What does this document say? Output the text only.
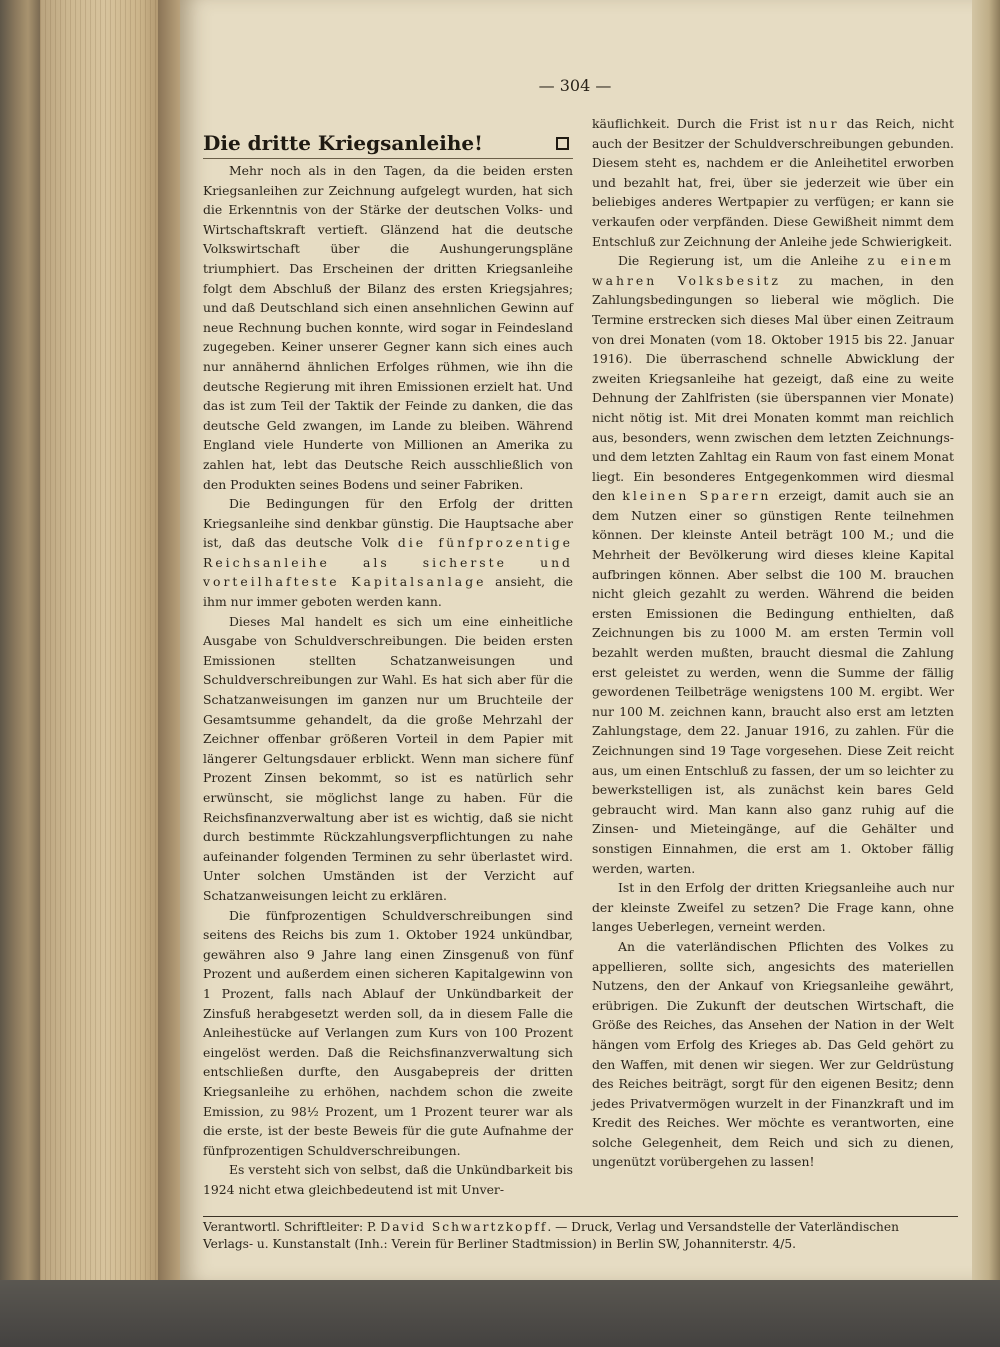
— 304 —
Die dritte Kriegsanleihe!

Mehr noch als in den Tagen, da die beiden ersten Kriegsanleihen zur Zeichnung aufgelegt wurden, hat sich die Erkenntnis von der Stärke der deutschen Volks- und Wirtschaftskraft vertieft. Glänzend hat die deutsche Volkswirtschaft über die Aushungerungspläne triumphiert. Das Erscheinen der dritten Kriegsanleihe folgt dem Abschluß der Bilanz des ersten Kriegsjahres; und daß Deutschland sich einen ansehnlichen Gewinn auf neue Rechnung buchen konnte, wird sogar in Feindesland zugegeben. Keiner unserer Gegner kann sich eines auch nur annähernd ähnlichen Erfolges rühmen, wie ihn die deutsche Regierung mit ihren Emissionen erzielt hat. Und das ist zum Teil der Taktik der Feinde zu danken, die das deutsche Geld zwangen, im Lande zu bleiben. Während England viele Hunderte von Millionen an Amerika zu zahlen hat, lebt das Deutsche Reich ausschließlich von den Produkten seines Bodens und seiner Fabriken.

Die Bedingungen für den Erfolg der dritten Kriegsanleihe sind denkbar günstig. Die Hauptsache aber ist, daß das deutsche Volk die fünfprozentige Reichsanleihe als sicherste und vorteilhafteste Kapitalsanlage ansieht, die ihm nur immer geboten werden kann.

Dieses Mal handelt es sich um eine einheitliche Ausgabe von Schuldverschreibungen. Die beiden ersten Emissionen stellten Schatzanweisungen und Schuldverschreibungen zur Wahl. Es hat sich aber für die Schatzanweisungen im ganzen nur um Bruchteile der Gesamtsumme gehandelt, da die große Mehrzahl der Zeichner offenbar größeren Vorteil in dem Papier mit längerer Geltungsdauer erblickt. Wenn man sichere fünf Prozent Zinsen bekommt, so ist es natürlich sehr erwünscht, sie möglichst lange zu haben. Für die Reichsfinanzverwaltung aber ist es wichtig, daß sie nicht durch bestimmte Rückzahlungsverpflichtungen zu nahe aufeinander folgenden Terminen zu sehr überlastet wird. Unter solchen Umständen ist der Verzicht auf Schatzanweisungen leicht zu erklären.

Die fünfprozentigen Schuldverschreibungen sind seitens des Reichs bis zum 1. Oktober 1924 unkündbar, gewähren also 9 Jahre lang einen Zinsgenuß von fünf Prozent und außerdem einen sicheren Kapitalgewinn von 1 Prozent, falls nach Ablauf der Unkündbarkeit der Zinsfuß herabgesetzt werden soll, da in diesem Falle die Anleihestücke auf Verlangen zum Kurs von 100 Prozent eingelöst werden. Daß die Reichsfinanzverwaltung sich entschließen durfte, den Ausgabepreis der dritten Kriegsanleihe zu erhöhen, nachdem schon die zweite Emission, zu 98½ Prozent, um 1 Prozent teurer war als die erste, ist der beste Beweis für die gute Aufnahme der fünfprozentigen Schuldverschreibungen.

Es versteht sich von selbst, daß die Unkündbarkeit bis 1924 nicht etwa gleichbedeutend ist mit Unver-

käuflichkeit. Durch die Frist ist nur das Reich, nicht auch der Besitzer der Schuldverschreibungen gebunden. Diesem steht es, nachdem er die Anleihetitel erworben und bezahlt hat, frei, über sie jederzeit wie über ein beliebiges anderes Wertpapier zu verfügen; er kann sie verkaufen oder verpfänden. Diese Gewißheit nimmt dem Entschluß zur Zeichnung der Anleihe jede Schwierigkeit.

Die Regierung ist, um die Anleihe zu einem wahren Volksbesitz zu machen, in den Zahlungsbedingungen so lieberal wie möglich. Die Termine erstrecken sich dieses Mal über einen Zeitraum von drei Monaten (vom 18. Oktober 1915 bis 22. Januar 1916). Die überraschend schnelle Abwicklung der zweiten Kriegsanleihe hat gezeigt, daß eine zu weite Dehnung der Zahlfristen (sie überspannen vier Monate) nicht nötig ist. Mit drei Monaten kommt man reichlich aus, besonders, wenn zwischen dem letzten Zeichnungs- und dem letzten Zahltag ein Raum von fast einem Monat liegt. Ein besonderes Entgegenkommen wird diesmal den kleinen Sparern erzeigt, damit auch sie an dem Nutzen einer so günstigen Rente teilnehmen können. Der kleinste Anteil beträgt 100 M.; und die Mehrheit der Bevölkerung wird dieses kleine Kapital aufbringen können. Aber selbst die 100 M. brauchen nicht gleich gezahlt zu werden. Während die beiden ersten Emissionen die Bedingung enthielten, daß Zeichnungen bis zu 1000 M. am ersten Termin voll bezahlt werden mußten, braucht diesmal die Zahlung erst geleistet zu werden, wenn die Summe der fällig gewordenen Teilbeträge wenigstens 100 M. ergibt. Wer nur 100 M. zeichnen kann, braucht also erst am letzten Zahlungstage, dem 22. Januar 1916, zu zahlen. Für die Zeichnungen sind 19 Tage vorgesehen. Diese Zeit reicht aus, um einen Entschluß zu fassen, der um so leichter zu bewerkstelligen ist, als zunächst kein bares Geld gebraucht wird. Man kann also ganz ruhig auf die Zinsen- und Mieteingänge, auf die Gehälter und sonstigen Einnahmen, die erst am 1. Oktober fällig werden, warten.

Ist in den Erfolg der dritten Kriegsanleihe auch nur der kleinste Zweifel zu setzen? Die Frage kann, ohne langes Ueberlegen, verneint werden.

An die vaterländischen Pflichten des Volkes zu appellieren, sollte sich, angesichts des materiellen Nutzens, den der Ankauf von Kriegsanleihe gewährt, erübrigen. Die Zukunft der deutschen Wirtschaft, die Größe des Reiches, das Ansehen der Nation in der Welt hängen vom Erfolg des Krieges ab. Das Geld gehört zu den Waffen, mit denen wir siegen. Wer zur Geldrüstung des Reiches beiträgt, sorgt für den eigenen Besitz; denn jedes Privatvermögen wurzelt in der Finanzkraft und im Kredit des Reiches. Wer möchte es verantworten, eine solche Gelegenheit, dem Reich und sich zu dienen, ungenützt vorübergehen zu lassen!

Verantwortl. Schriftleiter: P. David Schwartzkopff. — Druck, Verlag und Versandstelle der Vaterländischen
Verlags- u. Kunstanstalt (Inh.: Verein für Berliner Stadtmission) in Berlin SW, Johanniterstr. 4/5.
